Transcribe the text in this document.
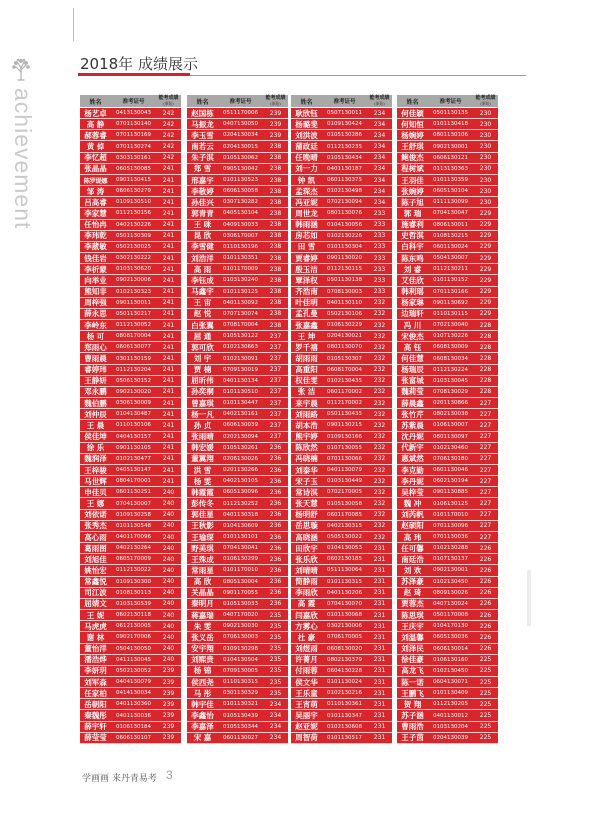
achievement
2018年 成绩展示
姓名	准考证号
能考成绩
(原始)
杨艺卓	0413130043	242
高 静	0701130140	242
郝蓉睿	0701130169	242
黄 倬	0701130274	242
李忆超	0303130161	242
张晶晶	0605130085	241
陈罗缇娜	0901130415	241
邹 涛	0606130279	241
吕高睿	0109130510	241
李家慧	0112130156	241
任怡冉	0402130226	241
李玮乾	0501130309	241
李葳敏	0502130025	241
钱佳岩	0302130222	241
李析蒙	0103130620	241
向举业	0902130006	241
熊知非	0102130323	241
周梓强	0901130011	241
薛永思	0501130217	241
李岭东	0112130052	241
杨 可	0808170004	241
郑雨心	0606130077	241
曹雨晨	0301130159	241
睿婷玮	0112130204	241
王静妍	0506130152	241
邓永鹏	0902130020	241
魏伯鹏	0306130009	241
刘仲辰	0104130487	241
王 晨	0110130106	241
侯佳坤	0404130157	241
徐 乐	0901130105	241
魏润泽	0102130477	241
王梓骏	0405130147	241
马世辉	0804170001	241
申佳贝	0601130251	240
王 娜	0704130007	240
刘依诺	0109130258	240
张秀杰	0101130548	240
高心雨	0401170096	240
葛雨图	0402130264	240
刘旭佳	0605170009	240
姚怡宏	0112130022	240
常鑫悦	0109130300	240
司江波	0108130113	240
屈婧文	0103130539	240
王 妮	0602130118	240
马虎虎	0612130005	240
谢 林	0902170006	240
董怡洋	0504130050	240
潘浩烨	0411130045	240
李妍玥	0502130052	239
刘军森	0404130079	239
任家柏	0414130034	239
岳朝阳	0401130360	239
秦魏彤	0401130036	239
薛宇轩	0106130184	239
薛莹莹	0606130107	239
姓名	准考证号
能考成绩
(原始)
赵国栋	0511170006	239
马振龙	0407130050	239
李玉雪	0204130034	239
南若云	0204130015	238
朱子淇	0105130062	238
郑 雪	0905130042	238
邢嘉宇	0101130523	238
李敬婷	0606130058	238
孙佳兴	0307130282	238
郭青青	0405130104	238
王 咪	0409130033	238
昆 欣	0306170007	238
李雪健	0110130196	238
刘浩洋	0101130351	238
高 雨	0101170009	238
李钰成	0103130240	238
马鑫宇	0101130125	238
王 宙	0401130092	238
赵 悦	0707130074	238
白张翼	0708170004	238
屈 通	0105130122	237
郭可欣	0102130663	237
刘 宇	0102130091	237
贾 楠	0709130019	237
屈昕伟	0401130134	237
孙奕桐	0101130510	237
曾嘉琪	0101130447	237
杨一凡	0402130161	237
孙 贞	0606130039	237
张雨晴	0202130094	237
韩宏媛	0105130261	236
董翼翔	0206130026	236
洪 雪	0201130266	236
杨 雯	0402130105	236
韩霞霞	0605130096	236
彭传冬	0112130252	236
郭佳星	0401130318	236
王秋影	0104130609	236
王瑜琛	0101130101	236
野美琪	0704130041	236
王殊成	0106130299	236
常雨星	0101170010	236
高 欣	0805130004	236
关晶晶	0901170055	236
秦明月	0105130033	236
蒋嘉瑞	0407170020	235
朱 雯	0902130030	235
张义岳	0706130003	235
安宇翔	0109130298	235
刘熙贵	0104130504	235
杨 锦	0709130005	235
侯西尧	0110130315	235
马 彤	0301130329	235
韩宇佳	0101130321	234
李鑫怡	0105130439	234
李嘉泽	0105130344	234
宋 嘉	0601130027	234
姓名	准考证号
能考成绩
(原始)
耿欣钰	0507130011	234
杨璐斐	0109130424	234
刘洪波	0105130286	234
蒲政廷	0112130235	234
任晚晴	0105130434	234
刘一力	0401130187	234
钟 凯	0601130375	234
孟琛杰	0102130498	234
冯亚妮	0702130094	234
周世龙	0801130076	233
韩雨涵	0104130056	233
房芯如	0102130226	233
田 雪	0101130304	233
贾睿婷	0901130020	233
殷玉洁	0112130115	233
覃泽权	0501130138	233
齐浩南	0708130003	233
叶佳明	0401130110	232
孟孔曼	0502130106	232
张嘉鑫	0106130229	232
王 坤	0204130021	232
罗千禧	0801130070	232
胡雨雨	0105130307	232
高重阳	0608170004	232
权佳雯	0102130435	232
张 洁	0601170002	232
来宇晨	0112170002	232
刘雨路	0501130435	232
胡本浩	0901130215	232
熊宇婷	0109130166	232
陈欣然	0107130055	232
冯晓楠	0701130066	232
刘泰华	0401130079	232
宋子玉	0103130449	232
常诗淇	0702170005	232
张天慧	0105130058	232
杨明舒	0601170085	232
岳思璇	0402130315	232
高晓涵	0505130022	232
田欣宇	0104130053	231
张乐欣	0602130185	231
刘晴晴	0511130064	231
简静雨	0101130315	231
李雨欣	0401130206	231
高 霞	0704130070	231
闫嘉欣	0101130068	231
方雾心	0302130006	231
杜 豪	0706170005	231
刘煜雨	0608130020	231
许菁月	0802130379	231
付雨蓉	0604130228	231
侯文华	0101130024	231
王乐童	0102130216	231
王宵萌	0110130361	231
吴丽宇	0101130347	231
赵亚妮	0102130608	231
周智荷	0101130517	231
姓名	准考证号
能考成绩
(原始)
何佳颖	0501130135	230
何知恒	0101130418	230
杨婉婷	0801130106	230
王舒琪	0902130001	230
鲍俊杰	0606130121	230
程树斌	0113130363	230
王羽佳	0101130359	230
张婉婷	0605130104	230
陈子旭	0111130099	230
郭 瑞	0704130047	229
施睿利	0806130011	229
史哲淇	0108130215	229
白科宇	0601130024	229
陈东鸣	0504130007	229
刘 睿	0112130211	229
艾佳欣	0101130152	229
韩利瑶	0701130166	229
杨家琳	0901130692	229
边瑞轩	0110130115	229
冯 川	0702130040	228
宋俊杰	0107130226	228
高 钰	0608130009	228
何佳慧	0608130034	228
杨瑞辰	0112130224	228
张富城	0103130045	228
魏莉莹	0708130029	228
薛晨鑫	0201130866	227
张竹芹	0802130038	227
苏紫晨	0106130007	227
沈丹妮	0801130097	227
代新宇	0102130460	227
惠斌然	0706130180	227
李克勤	0601130046	227
李丹妮	0602130194	227
吴梓莹	0901130885	227
魏 冲	0106130125	227
刘芮帆	0101170010	227
赵硕阳	0701130096	227
高 玮	0701130036	227
任可馨	0102130288	226
南廷浩	0107130137	226
刘 欢	0902130001	226
苏泽豪	0102130450	226
赵 琦	0809130026	226
贾蓉杰	0407130024	226
陈思琪	0501170008	226
王庆宇	0104170130	226
刘温馨	0605130036	226
刘泽民	0606130014	226
徐佳豪	0106130160	225
高龙飞	0102130450	225
陈一诺	0604130071	225
王鹏飞	0101130409	225
贺 翔	0112130205	225
苏子涵	0401130012	225
曹雨浩	0103130204	225
王子茵	0204130039	225
学画画 来丹青易考 3
